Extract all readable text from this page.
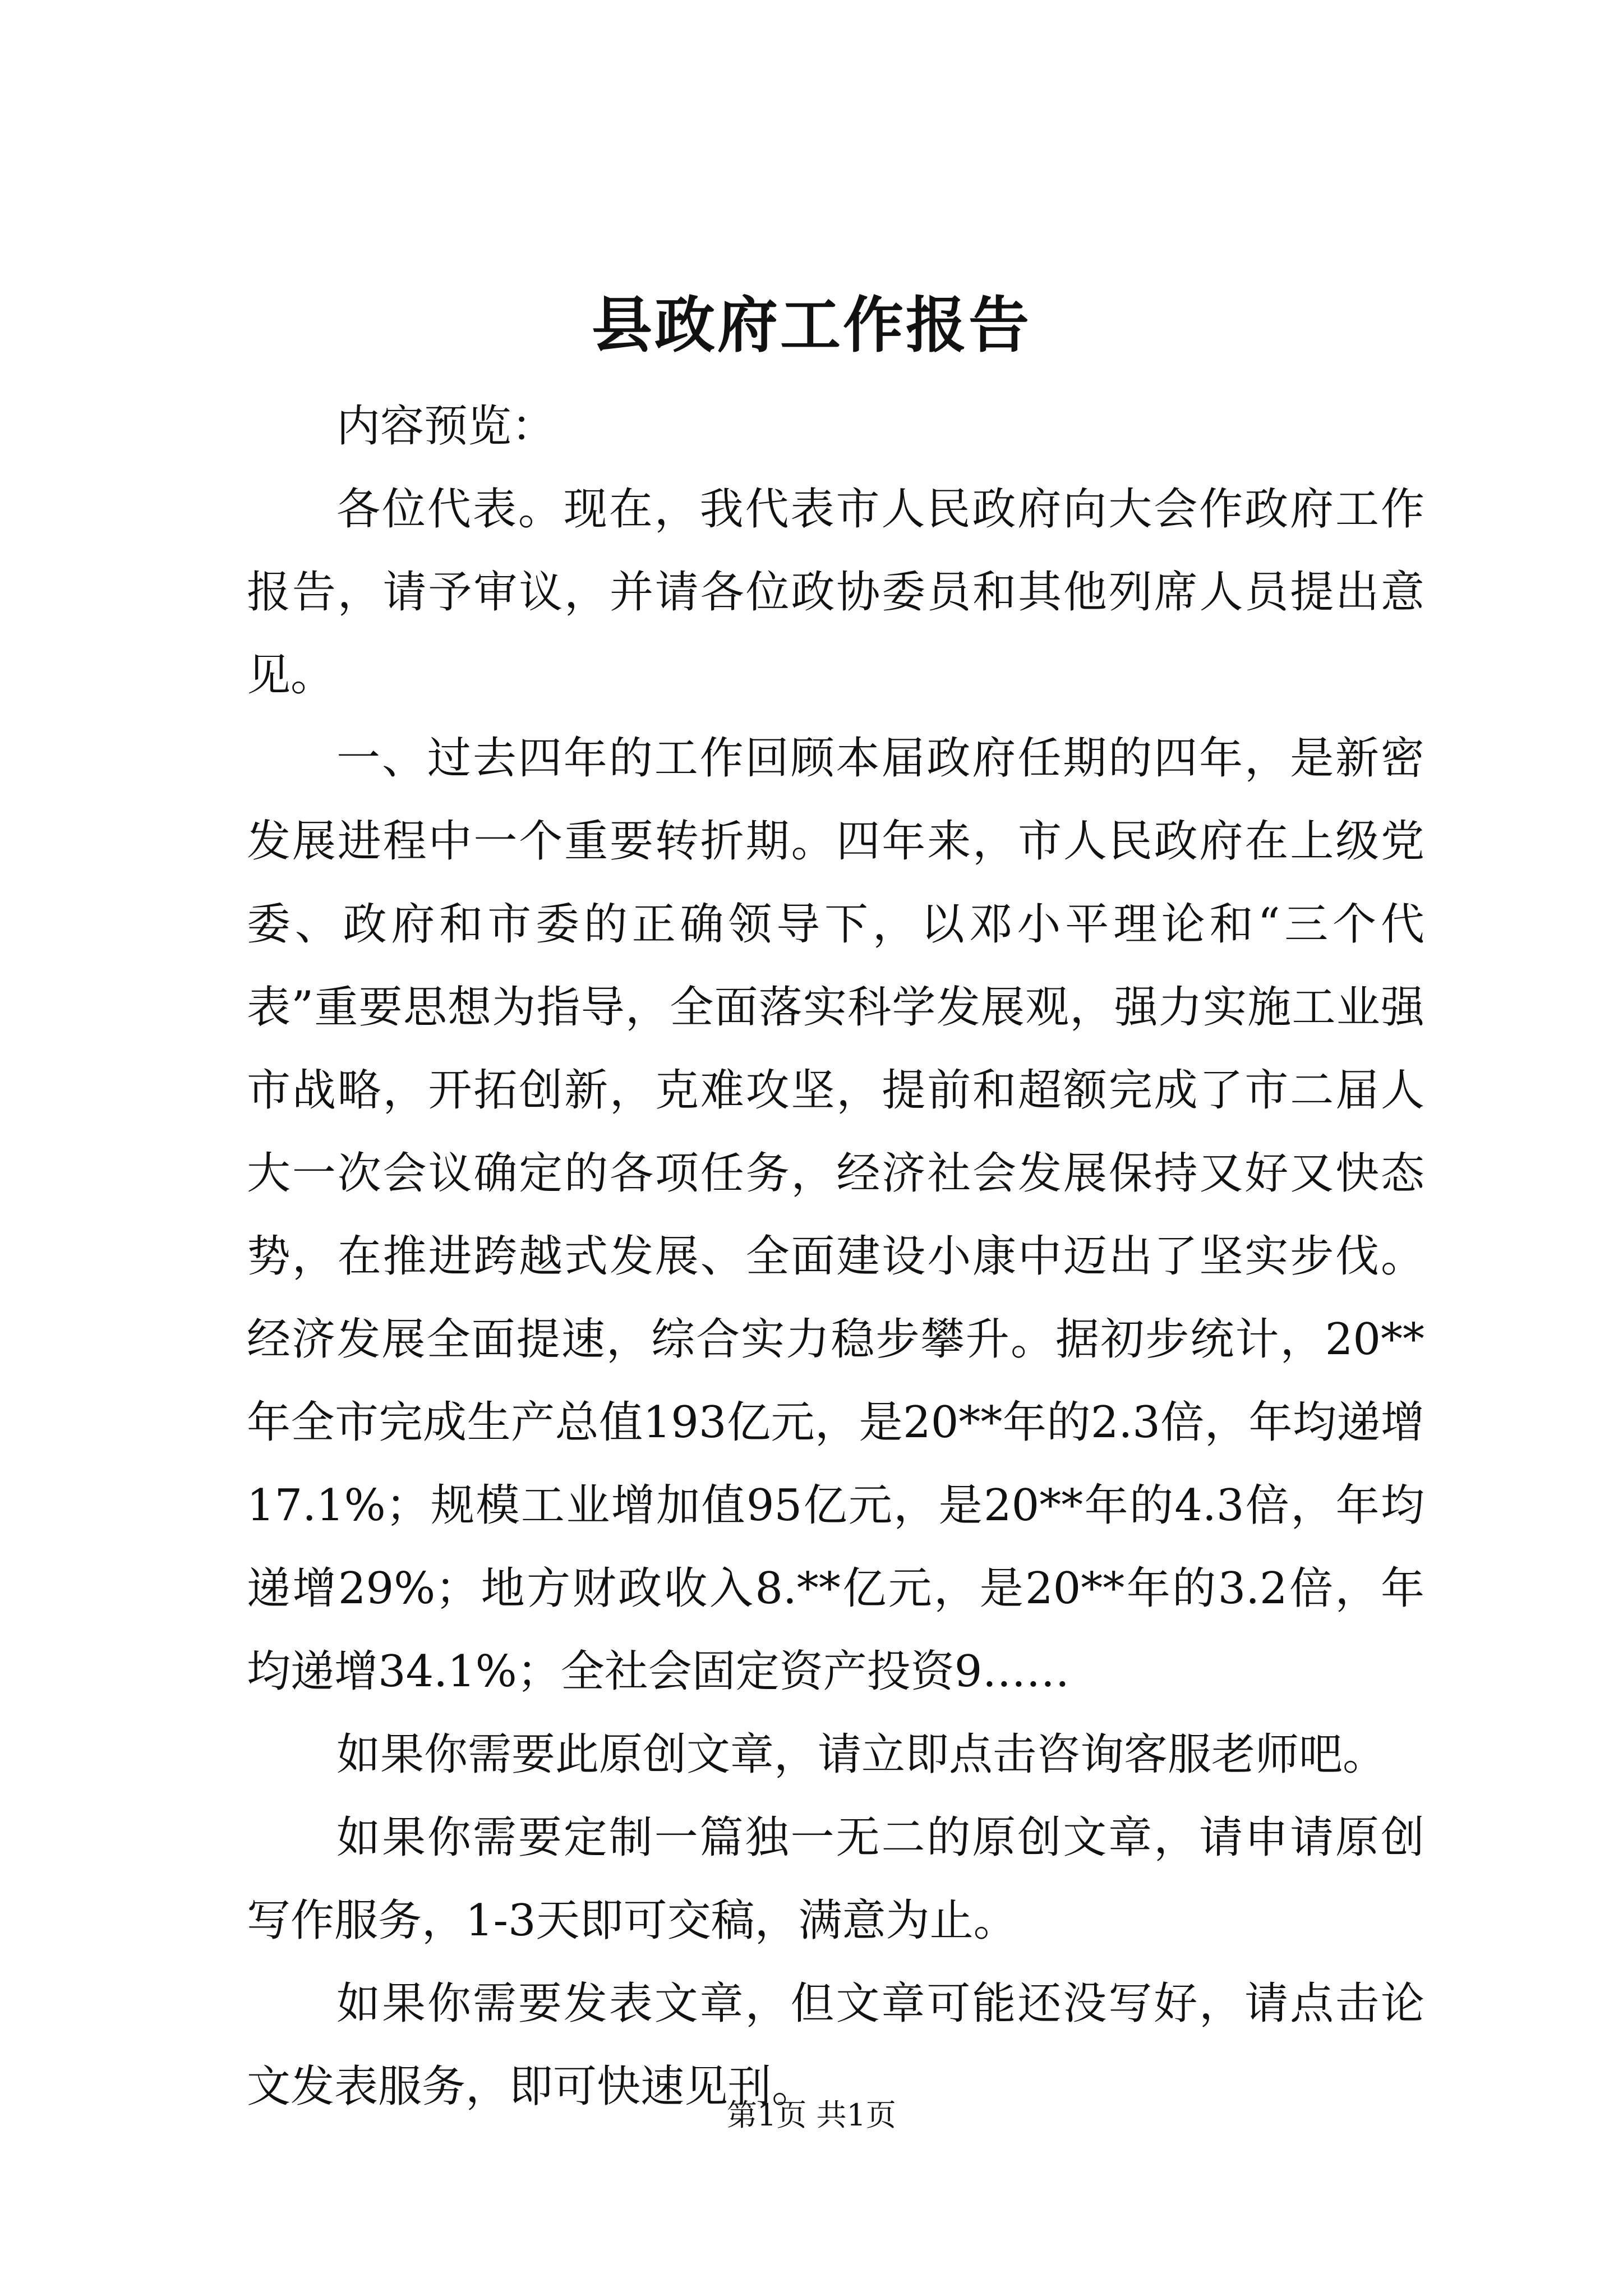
县政府工作报告

内容预览：

各位代表。现在，我代表市人民政府向大会作政府工作报告，请予审议，并请各位政协委员和其他列席人员提出意见。

一、过去四年的工作回顾本届政府任期的四年，是新密发展进程中一个重要转折期。四年来，市人民政府在上级党委、政府和市委的正确领导下，以邓小平理论和“三个代表”重要思想为指导，全面落实科学发展观，强力实施工业强市战略，开拓创新，克难攻坚，提前和超额完成了市二届人大一次会议确定的各项任务，经济社会发展保持又好又快态势，在推进跨越式发展、全面建设小康中迈出了坚实步伐。经济发展全面提速，综合实力稳步攀升。据初步统计，20**年全市完成生产总值193亿元，是20**年的2.3倍，年均递增17.1%；规模工业增加值95亿元，是20**年的4.3倍，年均递增29%；地方财政收入8.**亿元，是20**年的3.2倍，年均递增34.1%；全社会固定资产投资9……

如果你需要此原创文章，请立即点击咨询客服老师吧。

如果你需要定制一篇独一无二的原创文章，请申请原创写作服务，1-3天即可交稿，满意为止。

如果你需要发表文章，但文章可能还没写好，请点击论文发表服务，即可快速见刊。

第1页 共1页
